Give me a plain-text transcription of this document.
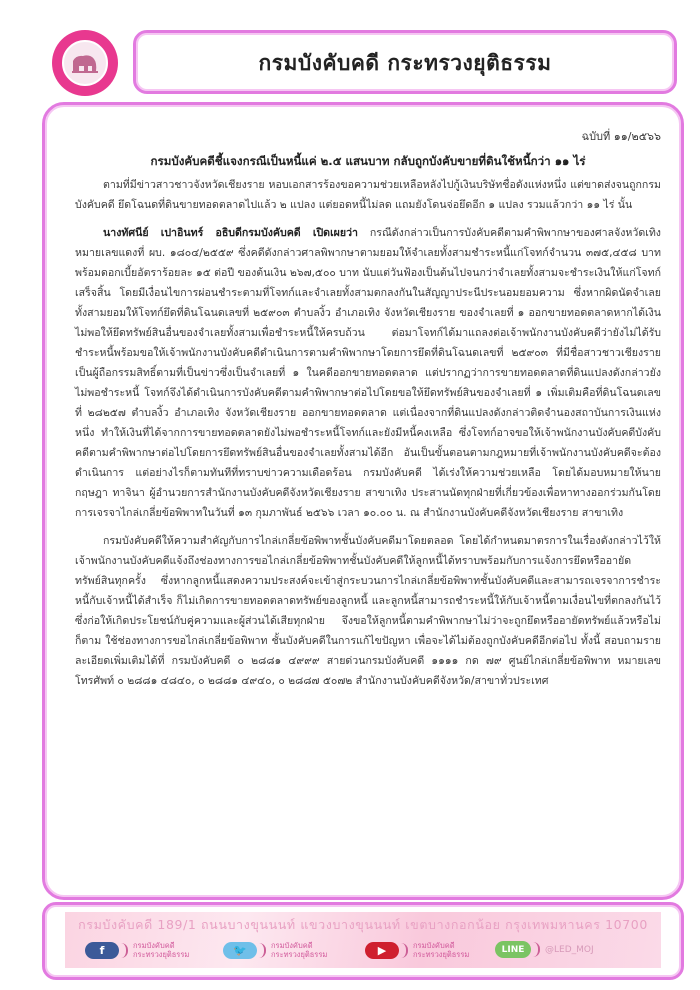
กรมบังคับคดี กระทรวงยุติธรรม
ฉบับที่ ๑๑/๒๕๖๖
กรมบังคับคดีชี้แจงกรณีเป็นหนี้แค่ ๒.๕ แสนบาท กลับถูกบังคับขายที่ดินใช้หนี้กว่า ๑๑ ไร่

ตามที่มีข่าวสาวชาวจังหวัดเชียงราย หอบเอกสารร้องขอความช่วยเหลือหลังไปกู้เงินบริษัทชื่อดังแห่งหนึ่ง แต่ขาดส่งจนถูกกรมบังคับคดี ยึดโฉนดที่ดินขายทอดตลาดไปแล้ว ๒ แปลง แต่ยอดหนี้ไม่ลด แถมยังโดนจ่อยึดอีก ๑ แปลง รวมแล้วกว่า ๑๑ ไร่ นั้น

นางทัศนีย์ เปาอินทร์ อธิบดีกรมบังคับคดี เปิดเผยว่า กรณีดังกล่าวเป็นการบังคับคดีตามคำพิพากษาของศาลจังหวัดเทิง หมายเลขแดงที่ ผบ. ๑๘๐๔/๒๕๕๙ ซึ่งคดีดังกล่าวศาลพิพากษาตามยอมให้จำเลยทั้งสามชำระหนี้แก่โจทก์จำนวน ๓๗๕,๔๕๘ บาท พร้อมดอกเบี้ยอัตราร้อยละ ๑๕ ต่อปี ของต้นเงิน ๒๖๗,๕๐๐ บาท นับแต่วันฟ้องเป็นต้นไปจนกว่าจำเลยทั้งสามจะชำระเงินให้แก่โจทก์เสร็จสิ้น โดยมีเงื่อนไขการผ่อนชำระตามที่โจทก์และจำเลยทั้งสามตกลงกันในสัญญาประนีประนอมยอมความ ซึ่งหากผิดนัดจำเลยทั้งสามยอมให้โจทก์ยึดที่ดินโฉนดเลขที่ ๒๕๙๐๓ ตำบลงิ้ว อำเภอเทิง จังหวัดเชียงราย ของจำเลยที่ ๑ ออกขายทอดตลาดหากได้เงินไม่พอให้ยึดทรัพย์สินอื่นของจำเลยทั้งสามเพื่อชำระหนี้ให้ครบถ้วน ต่อมาโจทก์ได้มาแถลงต่อเจ้าพนักงานบังคับคดีว่ายังไม่ได้รับชำระหนี้พร้อมขอให้เจ้าพนักงานบังคับคดีดำเนินการตามคำพิพากษาโดยการยึดที่ดินโฉนดเลขที่ ๒๕๙๐๓ ที่มีชื่อสาวชาวเชียงรายเป็นผู้ถือกรรมสิทธิ์ตามที่เป็นข่าวซึ่งเป็นจำเลยที่ ๑ ในคดีออกขายทอดตลาด แต่ปรากฏว่าการขายทอดตลาดที่ดินแปลงดังกล่าวยังไม่พอชำระหนี้ โจทก์จึงได้ดำเนินการบังคับคดีตามคำพิพากษาต่อไปโดยขอให้ยึดทรัพย์สินของจำเลยที่ ๑ เพิ่มเติมคือที่ดินโฉนดเลขที่ ๒๘๒๕๗ ตำบลงิ้ว อำเภอเทิง จังหวัดเชียงราย ออกขายทอดตลาด แต่เนื่องจากที่ดินแปลงดังกล่าวติดจำนองสถาบันการเงินแห่งหนึ่ง ทำให้เงินที่ได้จากการขายทอดตลาดยังไม่พอชำระหนี้โจทก์และยังมีหนี้คงเหลือ ซึ่งโจทก์อาจขอให้เจ้าพนักงานบังคับคดีบังคับคดีตามคำพิพากษาต่อไปโดยการยึดทรัพย์สินอื่นของจำเลยทั้งสามได้อีก อันเป็นขั้นตอนตามกฎหมายที่เจ้าพนักงานบังคับคดีจะต้องดำเนินการ แต่อย่างไรก็ตามทันทีที่ทราบข่าวความเดือดร้อน กรมบังคับคดี ได้เร่งให้ความช่วยเหลือ โดยได้มอบหมายให้นายกฤษฎา ทาจินา ผู้อำนวยการสำนักงานบังคับคดีจังหวัดเชียงราย สาขาเทิง ประสานนัดทุกฝ่ายที่เกี่ยวข้องเพื่อหาทางออกร่วมกันโดยการเจรจาไกล่เกลี่ยข้อพิพาทในวันที่ ๑๓ กุมภาพันธ์ ๒๕๖๖ เวลา ๑๐.๐๐ น. ณ สำนักงานบังคับคดีจังหวัดเชียงราย สาขาเทิง

กรมบังคับคดีให้ความสำคัญกับการไกล่เกลี่ยข้อพิพาทชั้นบังคับคดีมาโดยตลอด โดยได้กำหนดมาตรการในเรื่องดังกล่าวไว้ให้เจ้าพนักงานบังคับคดีแจ้งถึงช่องทางการขอไกล่เกลี่ยข้อพิพาทชั้นบังคับคดีให้ลูกหนี้ได้ทราบพร้อมกับการแจ้งการยึดหรืออายัดทรัพย์สินทุกครั้ง ซึ่งหากลูกหนี้แสดงความประสงค์จะเข้าสู่กระบวนการไกล่เกลี่ยข้อพิพาทชั้นบังคับคดีและสามารถเจรจาการชำระหนี้กับเจ้าหนี้ได้สำเร็จ ก็ไม่เกิดการขายทอดตลาดทรัพย์ของลูกหนี้ และลูกหนี้สามารถชำระหนี้ให้กับเจ้าหนี้ตามเงื่อนไขที่ตกลงกันไว้ ซึ่งก่อให้เกิดประโยชน์กับคู่ความและผู้ส่วนได้เสียทุกฝ่าย จึงขอให้ลูกหนี้ตามคำพิพากษาไม่ว่าจะถูกยึดหรืออายัดทรัพย์แล้วหรือไม่ก็ตาม ใช้ช่องทางการขอไกล่เกลี่ยข้อพิพาท ชั้นบังคับคดีในการแก้ไขปัญหา เพื่อจะได้ไม่ต้องถูกบังคับคดีอีกต่อไป ทั้งนี้ สอบถามรายละเอียดเพิ่มเติมได้ที่ กรมบังคับคดี ๐ ๒๘๘๑ ๔๙๙๙ สายด่วนกรมบังคับคดี ๑๑๑๑ กด ๗๙ ศูนย์ไกล่เกลี่ยข้อพิพาท หมายเลขโทรศัพท์ ๐ ๒๘๘๑ ๔๘๔๐, ๐ ๒๘๘๑ ๔๙๔๐, ๐ ๒๘๘๗ ๕๐๗๒ สำนักงานบังคับคดีจังหวัด/สาขาทั่วประเทศ

กรมบังคับคดี 189/1 ถนนบางขุนนนท์ แขวงบางขุนนนท์ เขตบางกอกน้อย กรุงเทพมหานคร 10700
f	กรมบังคับคดี
กระทรวงยุติธรรม	🐦	กรมบังคับคดี
กระทรวงยุติธรรม	▶	กรมบังคับคดี
กระทรวงยุติธรรม	LINE	@LED_MOJ
